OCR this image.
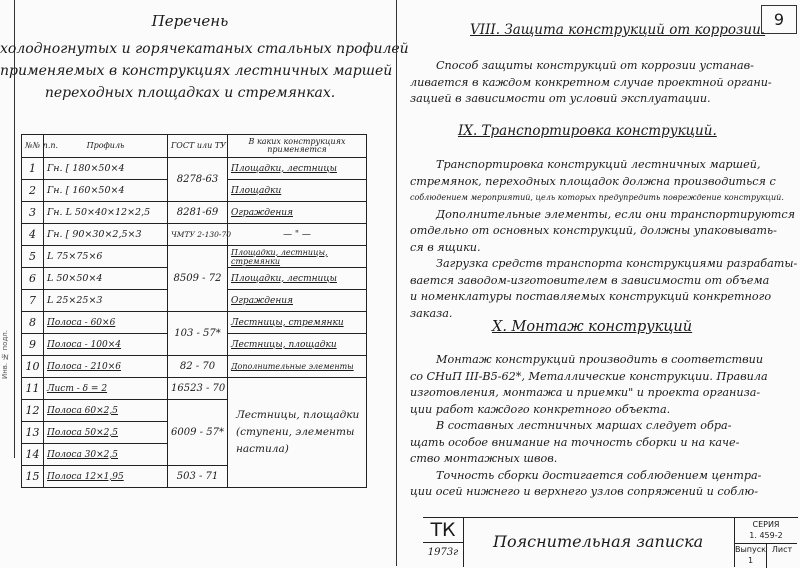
Инв. № подл.
Перечень
холодногнутых и горячекатаных стальных профилей
применяемых в конструкциях лестничных маршей
переходных площадках и стремянках.
№№ п.п.	Профиль	ГОСТ или ТУ	В каких конструкциях применяется
1	Гн. [ 180×50×4	8278-63	Площадки, лестницы
2	Гн. [ 160×50×4		Площадки
3	Гн. L 50×40×12×2,5	8281-69	Ограждения
4	Гн. [ 90×30×2,5×3	ЧМТУ 2-130-70	— " —
5	L 75×75×6	8509 - 72	Площадки, лестницы, стремянки
6	L 50×50×4		Площадки, лестницы
7	L 25×25×3		Ограждения
8	Полоса - 60×6	103 - 57*	Лестницы, стремянки
9	Полоса - 100×4		Лестницы, площадки
10	Полоса - 210×6	82 - 70	Дополнительные элементы
11	Лист - δ = 2	16523 - 70	Лестницы, площадки (ступени, элементы настила)
12	Полоса 60×2,5	6009 - 57*	
13	Полоса 50×2,5		
14	Полоса 30×2,5		
15	Полоса 12×1,95	503 - 71	
9
VIII. Защита конструкций от коррозии.
Способ защиты конструкций от коррозии устанав-
ливается в каждом конкретном случае проектной органи-
зацией в зависимости от условий эксплуатации.
IX. Транспортировка конструкций.
Транспортировка конструкций лестничных маршей,
стремянок, переходных площадок должна производиться с
соблюдением мероприятий, цель которых предупредить повреждение конструкций.
Дополнительные элементы, если они транспортируются
отдельно от основных конструкций, должны упаковывать-
ся в ящики.
Загрузка средств транспорта конструкциями разрабаты-
вается заводом-изготовителем в зависимости от объема
и номенклатуры поставляемых конструкций конкретного
заказа.
X. Монтаж конструкций
Монтаж конструкций производить в соответствии
со СНиП III-В5-62*, Металлические конструкции. Правила
изготовления, монтажа и приемки" и проекта организа-
ции работ каждого конкретного объекта.
В составных лестничных маршах следует обра-
щать особое внимание на точность сборки и на каче-
ство монтажных швов.
Точность сборки достигается соблюдением центра-
ции осей нижнего и верхнего узлов сопряжений и соблю-
ТК
1973г
Пояснительная записка
СЕРИЯ
1. 459-2
Выпуск
1
Лист
